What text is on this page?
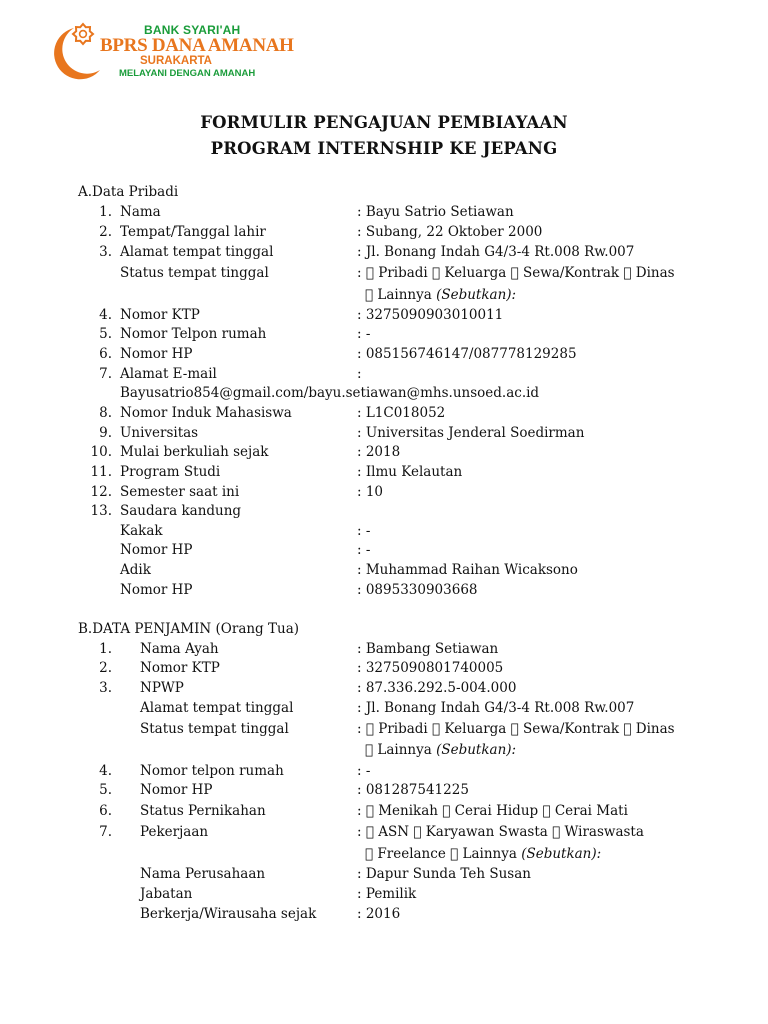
BANK SYARI'AH
BPRS DANA AMANAH
SURAKARTA
MELAYANI DENGAN AMANAH
FORMULIR PENGAJUAN PEMBIAYAAN
PROGRAM INTERNSHIP KE JEPANG
A.Data Pribadi
1. Nama	: Bayu Satrio Setiawan
2. Tempat/Tanggal lahir	: Subang, 22 Oktober 2000
3. Alamat tempat tinggal	: Jl. Bonang Indah G4/3-4 Rt.008 Rw.007
Status tempat tinggal	: Pribadi Keluarga Sewa/Kontrak Dinas
Lainnya (Sebutkan):
4. Nomor KTP	: 3275090903010011
5. Nomor Telpon rumah	: -
6. Nomor HP	: 085156746147/087778129285
7. Alamat E-mail	:
Bayusatrio854@gmail.com/bayu.setiawan@mhs.unsoed.ac.id
8. Nomor Induk Mahasiswa	: L1C018052
9. Universitas	: Universitas Jenderal Soedirman
10. Mulai berkuliah sejak	: 2018
11. Program Studi	: Ilmu Kelautan
12. Semester saat ini	: 10
13. Saudara kandung
Kakak	: -
Nomor HP	: -
Adik	: Muhammad Raihan Wicaksono
Nomor HP	: 0895330903668
B.DATA PENJAMIN (Orang Tua)
1. Nama Ayah	: Bambang Setiawan
2. Nomor KTP	: 3275090801740005
3. NPWP	: 87.336.292.5-004.000
Alamat tempat tinggal	: Jl. Bonang Indah G4/3-4 Rt.008 Rw.007
Status tempat tinggal	: Pribadi Keluarga Sewa/Kontrak Dinas
Lainnya (Sebutkan):
4. Nomor telpon rumah	: -
5. Nomor HP	: 081287541225
6. Status Pernikahan	: Menikah Cerai Hidup Cerai Mati
7. Pekerjaan	: ASN Karyawan Swasta Wiraswasta
Freelance Lainnya (Sebutkan):
Nama Perusahaan	: Dapur Sunda Teh Susan
Jabatan	: Pemilik
Berkerja/Wirausaha sejak	: 2016
